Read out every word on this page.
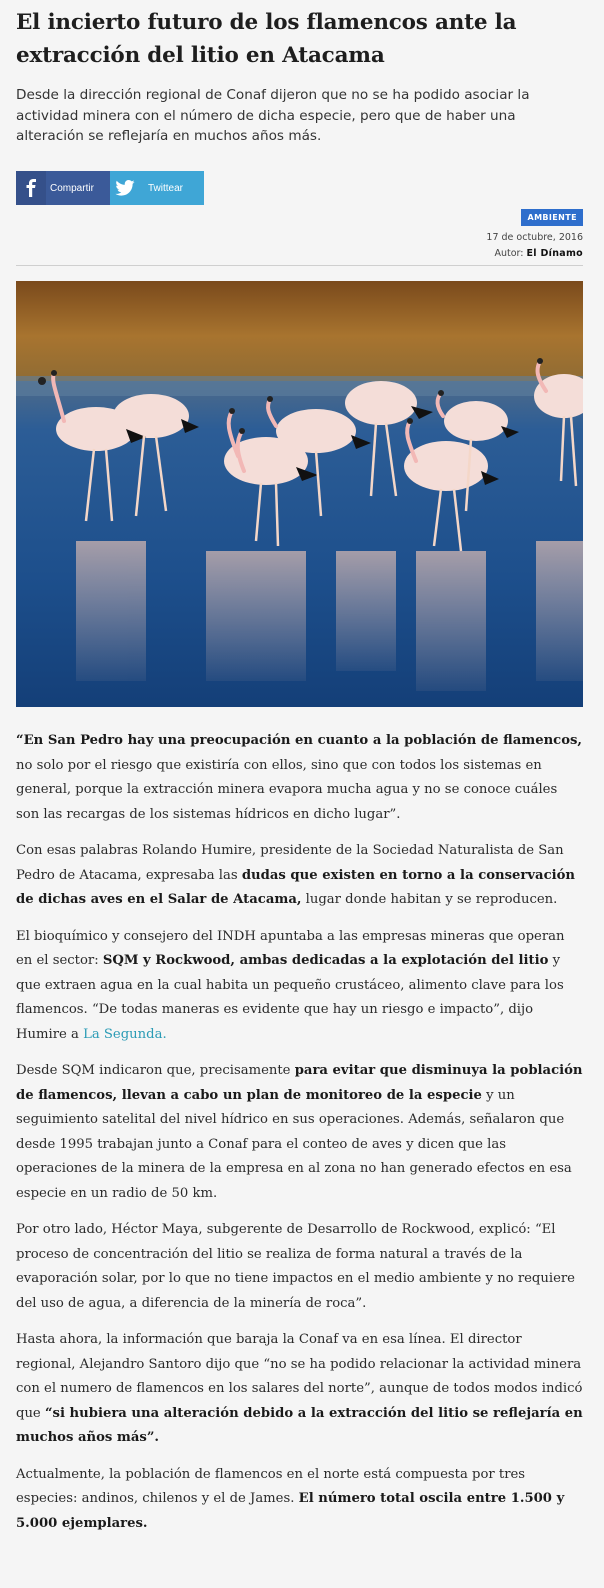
El incierto futuro de los flamencos ante la extracción del litio en Atacama

Desde la dirección regional de Conaf dijeron que no se ha podido asociar la actividad minera con el número de dicha especie, pero que de haber una alteración se reflejaría en muchos años más.

Compartir	Twittear
AMBIENTE
17 de octubre, 2016
Autor: El Dínamo

“En San Pedro hay una preocupación en cuanto a la población de flamencos, no solo por el riesgo que existiría con ellos, sino que con todos los sistemas en general, porque la extracción minera evapora mucha agua y no se conoce cuáles son las recargas de los sistemas hídricos en dicho lugar”.

Con esas palabras Rolando Humire, presidente de la Sociedad Naturalista de San Pedro de Atacama, expresaba las dudas que existen en torno a la conservación de dichas aves en el Salar de Atacama, lugar donde habitan y se reproducen.

El bioquímico y consejero del INDH apuntaba a las empresas mineras que operan en el sector: SQM y Rockwood, ambas dedicadas a la explotación del litio y que extraen agua en la cual habita un pequeño crustáceo, alimento clave para los flamencos. “De todas maneras es evidente que hay un riesgo e impacto”, dijo Humire a La Segunda.

Desde SQM indicaron que, precisamente para evitar que disminuya la población de flamencos, llevan a cabo un plan de monitoreo de la especie y un seguimiento satelital del nivel hídrico en sus operaciones. Además, señalaron que desde 1995 trabajan junto a Conaf para el conteo de aves y dicen que las operaciones de la minera de la empresa en al zona no han generado efectos en esa especie en un radio de 50 km.

Por otro lado, Héctor Maya, subgerente de Desarrollo de Rockwood, explicó: “El proceso de concentración del litio se realiza de forma natural a través de la evaporación solar, por lo que no tiene impactos en el medio ambiente y no requiere del uso de agua, a diferencia de la minería de roca”.

Hasta ahora, la información que baraja la Conaf va en esa línea. El director regional, Alejandro Santoro dijo que “no se ha podido relacionar la actividad minera con el numero de flamencos en los salares del norte”, aunque de todos modos indicó que “si hubiera una alteración debido a la extracción del litio se reflejaría en muchos años más”.

Actualmente, la población de flamencos en el norte está compuesta por tres especies: andinos, chilenos y el de James. El número total oscila entre 1.500 y 5.000 ejemplares.
